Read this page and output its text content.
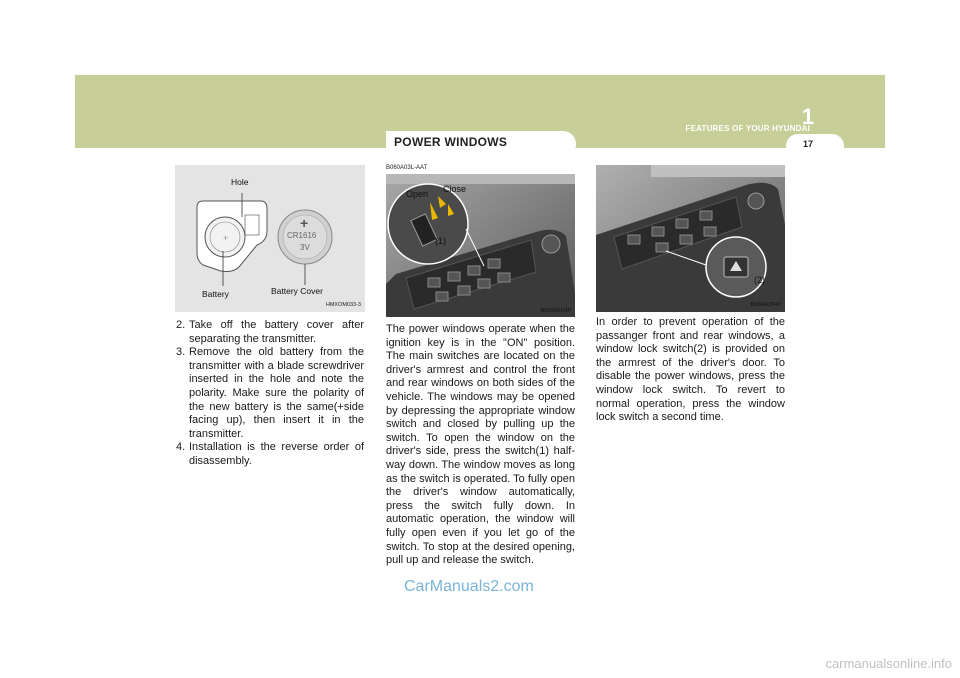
1
FEATURES OF YOUR HYUNDAI
17
POWER WINDOWS
+
Hole
Battery	Battery Cover
+
CR1616
3V
HMXOM033-3
2. Take off the battery cover after separating the transmitter.
3. Remove the old battery from the transmitter with a blade screwdriver inserted in the hole and note the polarity. Make sure the polarity of the new battery is the same(+side facing up), then insert it in the transmitter.
4. Installation is the reverse order of disassembly.
B060A03L-AAT
Open Close
(1)
B060A01HP
The power windows operate when the ignition key is in the "ON" position. The main switches are located on the driver's armrest and control the front and rear windows on both sides of the vehicle. The windows may be opened by depressing the appropriate window switch and closed by pulling up the switch. To open the window on the driver's side, press the switch(1) half-way down. The window moves as long as the switch is operated. To fully open the driver's window automatically, press the switch fully down. In automatic operation, the window will fully open even if you let go of the switch. To stop at the desired opening, pull up and release the switch.
(2)
B060A02HP
In order to prevent operation of the passanger front and rear windows, a window lock switch(2) is provided on the armrest of the driver's door. To disable the power windows, press the window lock switch. To revert to normal operation, press the window lock switch a second time.
CarManuals2.com
carmanualsonline.info
